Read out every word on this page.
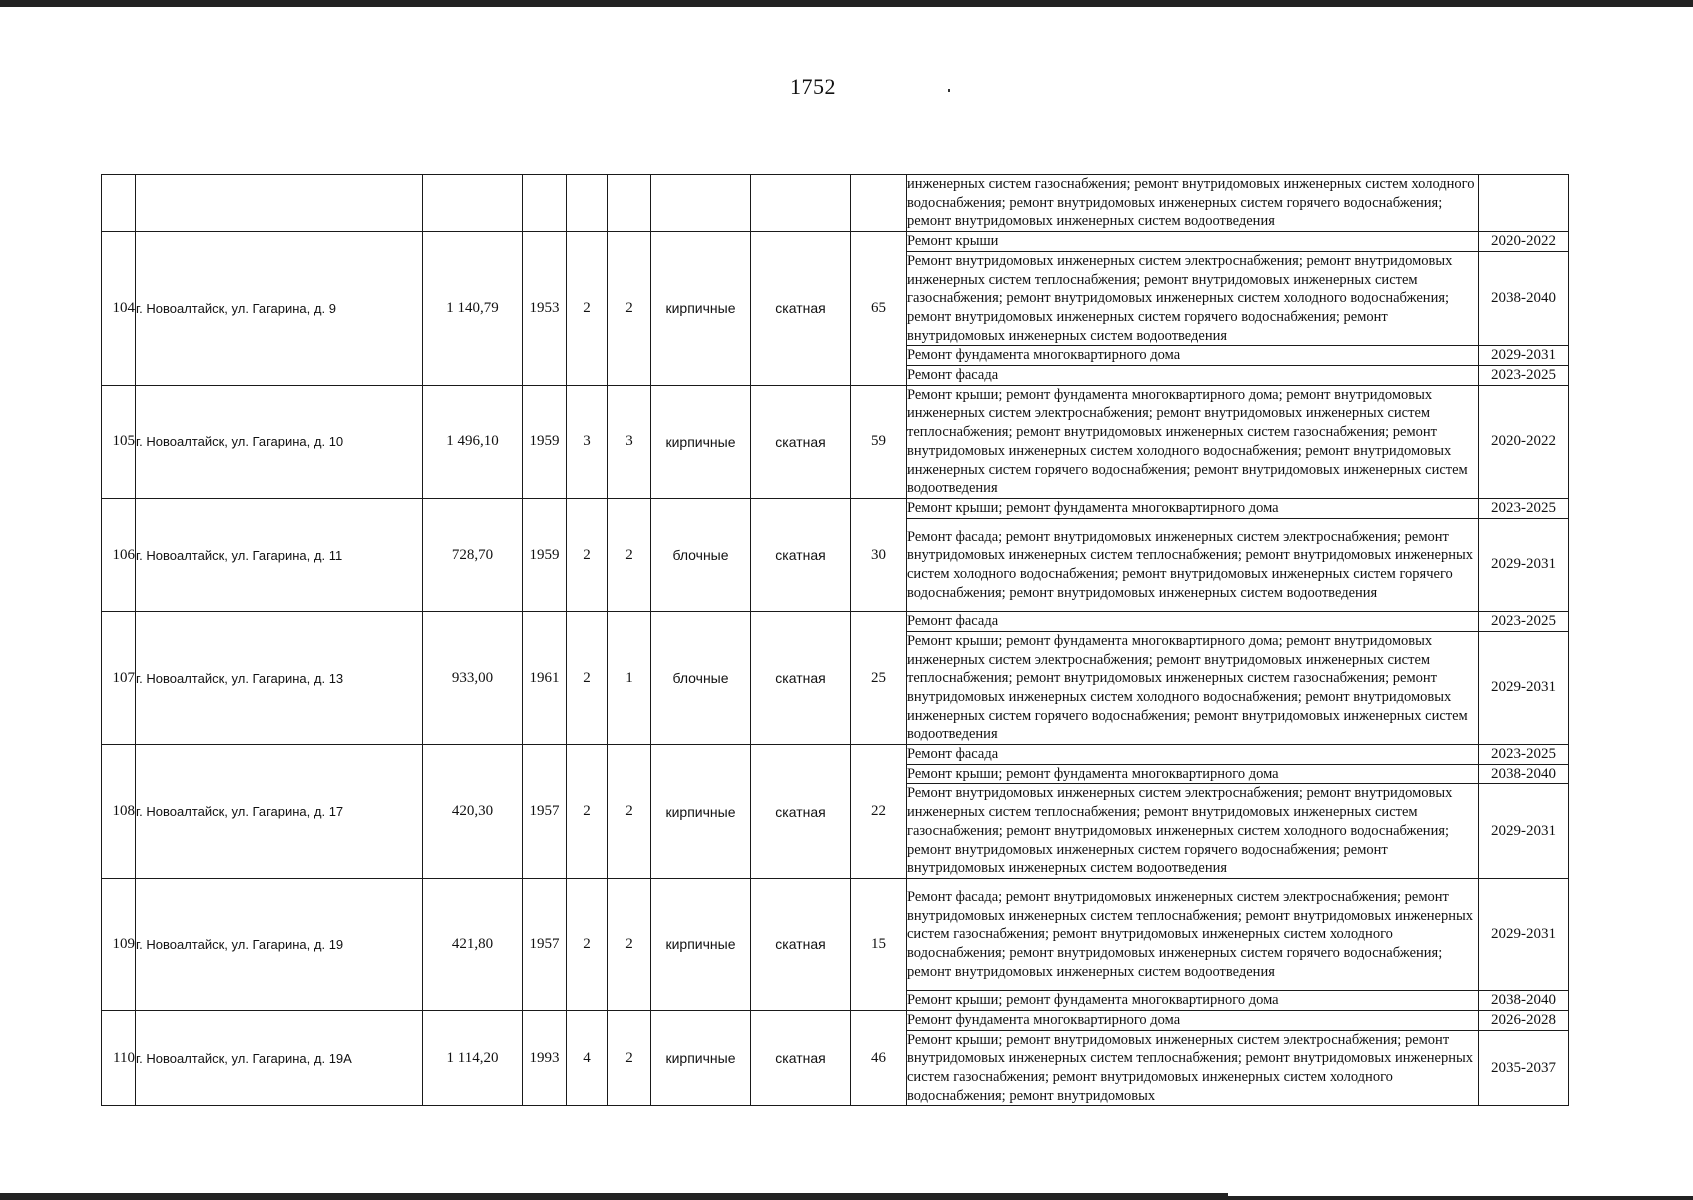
1752
									инженерных систем газоснабжения; ремонт внутридомовых инженерных систем холодного водоснабжения; ремонт внутридомовых инженерных систем горячего водоснабжения; ремонт внутридомовых инженерных систем водоотведения	
104	г. Новоалтайск, ул. Гагарина, д. 9	1 140,79	1953	2	2	кирпичные	скатная	65	Ремонт крыши	2020-2022
									Ремонт внутридомовых инженерных систем электроснабжения; ремонт внутридомовых инженерных систем теплоснабжения; ремонт внутридомовых инженерных систем газоснабжения; ремонт внутридомовых инженерных систем холодного водоснабжения; ремонт внутридомовых инженерных систем горячего водоснабжения; ремонт внутридомовых инженерных систем водоотведения	2038-2040
									Ремонт фундамента многоквартирного дома	2029-2031
									Ремонт фасада	2023-2025
105	г. Новоалтайск, ул. Гагарина, д. 10	1 496,10	1959	3	3	кирпичные	скатная	59	Ремонт крыши; ремонт фундамента многоквартирного дома; ремонт внутридомовых инженерных систем электроснабжения; ремонт внутридомовых инженерных систем теплоснабжения; ремонт внутридомовых инженерных систем газоснабжения; ремонт внутридомовых инженерных систем холодного водоснабжения; ремонт внутридомовых инженерных систем горячего водоснабжения; ремонт внутридомовых инженерных систем водоотведения	2020-2022
106	г. Новоалтайск, ул. Гагарина, д. 11	728,70	1959	2	2	блочные	скатная	30	Ремонт крыши; ремонт фундамента многоквартирного дома	2023-2025
									Ремонт фасада; ремонт внутридомовых инженерных систем электроснабжения; ремонт внутридомовых инженерных систем теплоснабжения; ремонт внутридомовых инженерных систем холодного водоснабжения; ремонт внутридомовых инженерных систем горячего водоснабжения; ремонт внутридомовых инженерных систем водоотведения	2029-2031
107	г. Новоалтайск, ул. Гагарина, д. 13	933,00	1961	2	1	блочные	скатная	25	Ремонт фасада	2023-2025
									Ремонт крыши; ремонт фундамента многоквартирного дома; ремонт внутридомовых инженерных систем электроснабжения; ремонт внутридомовых инженерных систем теплоснабжения; ремонт внутридомовых инженерных систем газоснабжения; ремонт внутридомовых инженерных систем холодного водоснабжения; ремонт внутридомовых инженерных систем горячего водоснабжения; ремонт внутридомовых инженерных систем водоотведения	2029-2031
108	г. Новоалтайск, ул. Гагарина, д. 17	420,30	1957	2	2	кирпичные	скатная	22	Ремонт фасада	2023-2025
									Ремонт крыши; ремонт фундамента многоквартирного дома	2038-2040
									Ремонт внутридомовых инженерных систем электроснабжения; ремонт внутридомовых инженерных систем теплоснабжения; ремонт внутридомовых инженерных систем газоснабжения; ремонт внутридомовых инженерных систем холодного водоснабжения; ремонт внутридомовых инженерных систем горячего водоснабжения; ремонт внутридомовых инженерных систем водоотведения	2029-2031
109	г. Новоалтайск, ул. Гагарина, д. 19	421,80	1957	2	2	кирпичные	скатная	15	Ремонт фасада; ремонт внутридомовых инженерных систем электроснабжения; ремонт внутридомовых инженерных систем теплоснабжения; ремонт внутридомовых инженерных систем газоснабжения; ремонт внутридомовых инженерных систем холодного водоснабжения; ремонт внутридомовых инженерных систем горячего водоснабжения; ремонт внутридомовых инженерных систем водоотведения	2029-2031
									Ремонт крыши; ремонт фундамента многоквартирного дома	2038-2040
110	г. Новоалтайск, ул. Гагарина, д. 19А	1 114,20	1993	4	2	кирпичные	скатная	46	Ремонт фундамента многоквартирного дома	2026-2028
									Ремонт крыши; ремонт внутридомовых инженерных систем электроснабжения; ремонт внутридомовых инженерных систем теплоснабжения; ремонт внутридомовых инженерных систем газоснабжения; ремонт внутридомовых инженерных систем холодного водоснабжения; ремонт внутридомовых	2035-2037
